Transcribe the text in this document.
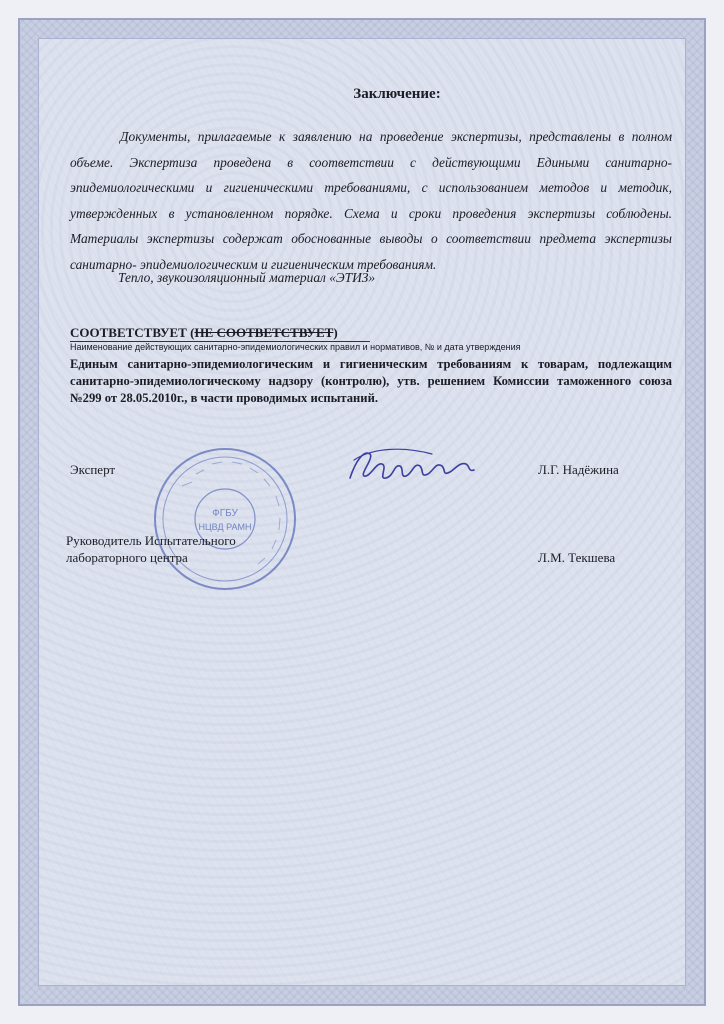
Заключение:

Документы, прилагаемые к заявлению на проведение экспертизы, представлены в полном объеме. Экспертиза проведена в соответствии с действующими Едиными санитарно-эпидемиологическими и гигиеническими требованиями, с использованием методов и методик, утвержденных в установленном порядке. Схема и сроки проведения экспертизы соблюдены. Материалы экспертизы содержат обоснованные выводы о соответствии предмета экспертизы санитарно- эпидемиологическим и гигиеническим требованиям.

Тепло, звукоизоляционный материал «ЭТИЗ»

СООТВЕТСТВУЕТ (НЕ СООТВЕТСТВУЕТ)

Наименование действующих санитарно-эпидемиологических правил и нормативов, № и дата утверждения

Единым санитарно-эпидемиологическим и гигиеническим требованиям к товарам, подлежащим санитарно-эпидемиологическому надзору (контролю), утв. решением Комиссии таможенного союза №299 от 28.05.2010г., в части проводимых испытаний.

ФГБУ
НЦВД РАМН

Эксперт	Л.Г. Надёжина

Руководитель Испытательного
лабораторного центра	Л.М. Текшева
